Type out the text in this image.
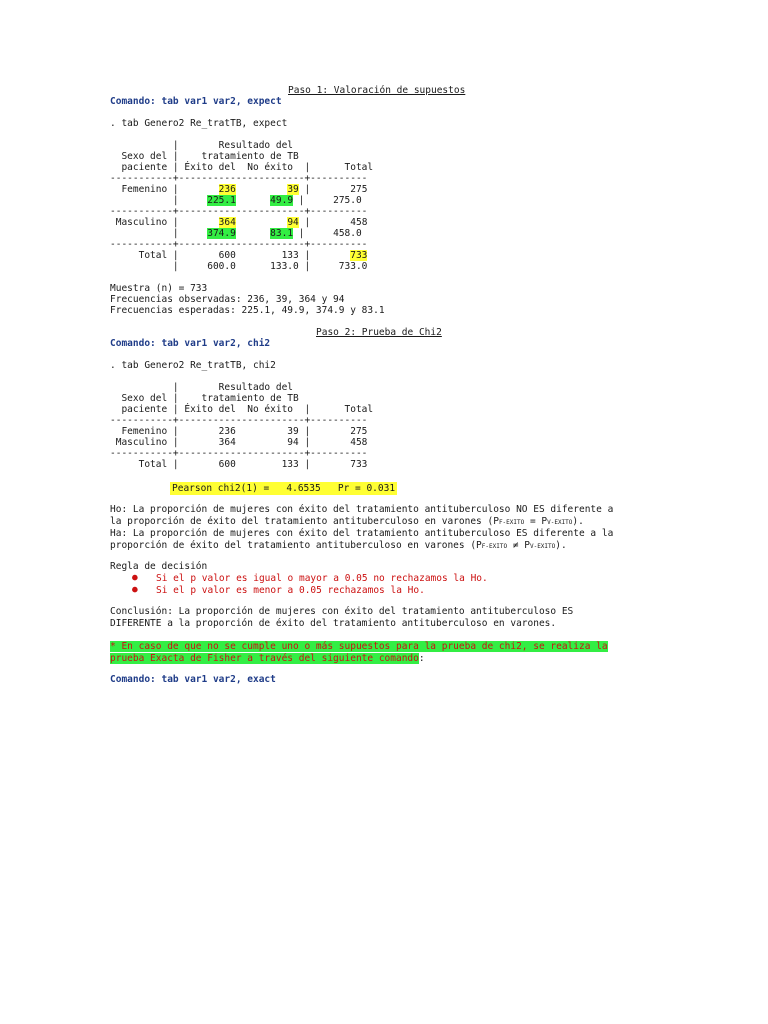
Paso 1: Valoración de supuestos
Comando: tab var1 var2, expect
. tab Genero2 Re_tratTB, expect
|       Resultado del
Sexo del |    tratamiento de TB
paciente | Éxito del  No éxito  |      Total
-----------+----------------------+----------
Femenino |       236	39 |       275
|     225.1	49.9 |     275.0
-----------+----------------------+----------
Masculino |       364	94 |       458
|     374.9	83.1 |     458.0
-----------+----------------------+----------
Total |       600        133 |       733
|     600.0      133.0 |     733.0
Muestra (n) = 733
Frecuencias observadas: 236, 39, 364 y 94
Frecuencias esperadas: 225.1, 49.9, 374.9 y 83.1
Paso 2: Prueba de Chi2
Comando: tab var1 var2, chi2
. tab Genero2 Re_tratTB, chi2
|       Resultado del
Sexo del |    tratamiento de TB
paciente | Éxito del  No éxito  |      Total
-----------+----------------------+----------
Femenino |       236         39 |       275
Masculino |       364         94 |       458
-----------+----------------------+----------
Total |       600        133 |       733
Pearson chi2(1) =   4.6535   Pr = 0.031
Ho: La proporción de mujeres con éxito del tratamiento antituberculoso NO ES diferente a
la proporción de éxito del tratamiento antituberculoso en varones (PF-EXITO = PV-EXITO).
Ha: La proporción de mujeres con éxito del tratamiento antituberculoso ES diferente a la
proporción de éxito del tratamiento antituberculoso en varones (PF-EXITO ≠ PV-EXITO).
Regla de decisión
● Si el p valor es igual o mayor a 0.05 no rechazamos la Ho.
● Si el p valor es menor a 0.05 rechazamos la Ho.
Conclusión: La proporción de mujeres con éxito del tratamiento antituberculoso ES
DIFERENTE a la proporción de éxito del tratamiento antituberculoso en varones.
* En caso de que no se cumple uno o más supuestos para la prueba de chi2, se realiza la
prueba Exacta de Fisher a través del siguiente comando:
Comando: tab var1 var2, exact
